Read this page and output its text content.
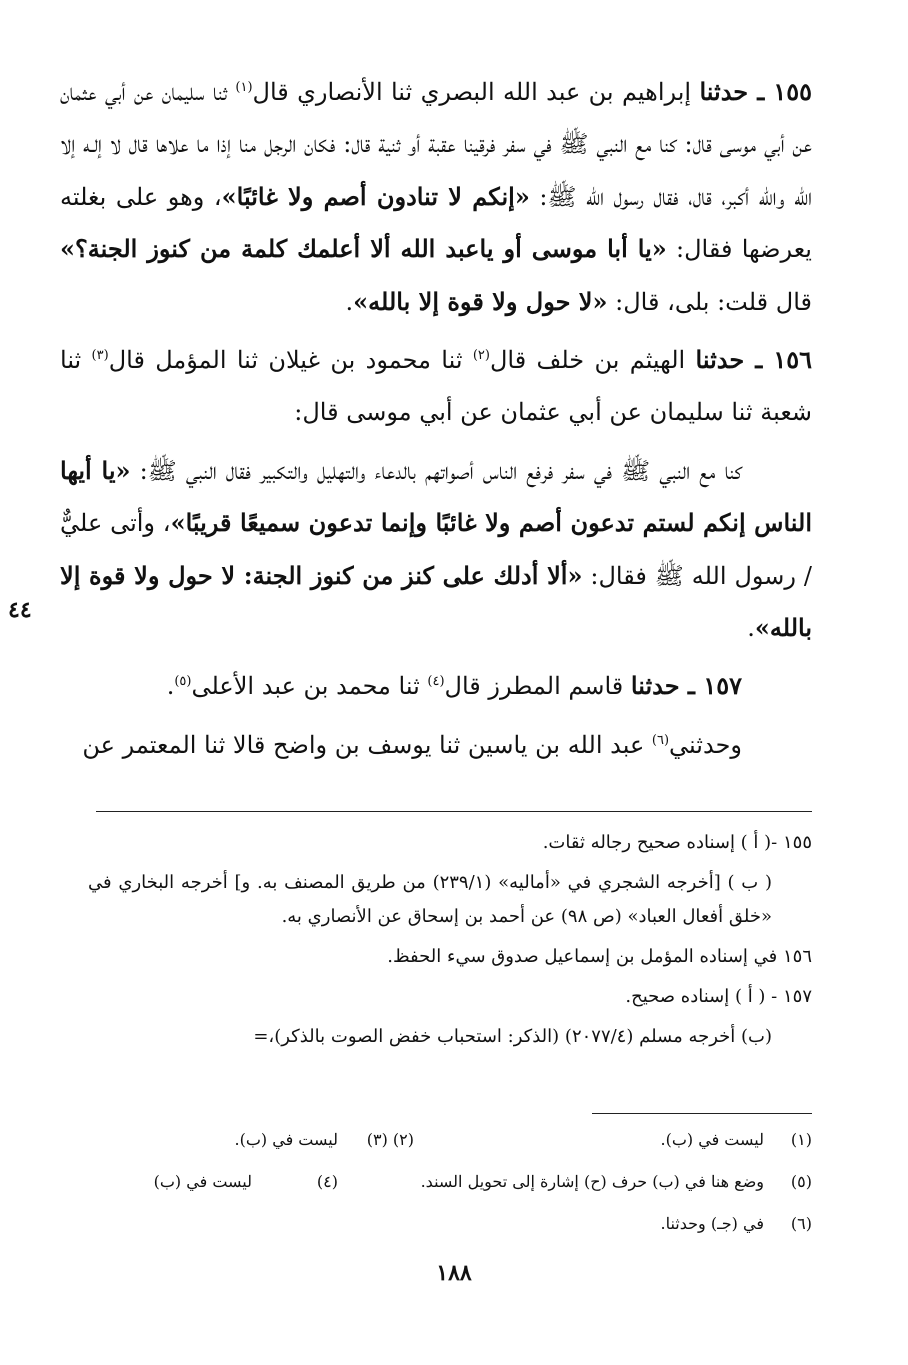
١٥٥ ـ حدثنا إبراهيم بن عبد الله البصري ثنا الأنصاري قال$^{(١)}$ ثنا سليمان عن أبي عثمان عن أبي موسى قال: كنا مع النبي ﷺ في سفر فرقينا عقبة أو ثنية قال: فكان الرجل منا إذا ما علاها قال لا إلـه إلا الله والله أكبر، قال، فقال رسول الله ﷺ: «إنكم لا تنادون أصم ولا غائبًا»، وهو على بغلته يعرضها فقال: «يا أبا موسى أو ياعبد الله ألا أعلمك كلمة من كنوز الجنة؟» قال قلت: بلى، قال: «لا حول ولا قوة إلا بالله».

١٥٦ ـ حدثنا الهيثم بن خلف قال$^{(٢)}$ ثنا محمود بن غيلان ثنا المؤمل قال$^{(٣)}$ ثنا شعبة ثنا سليمان عن أبي عثمان عن أبي موسى قال:

كنا مع النبي ﷺ في سفر فرفع الناس أصواتهم بالدعاء والتهليل والتكبير فقال النبي ﷺ: «يا أيها الناس إنكم لستم تدعون أصم ولا غائبًا وإنما تدعون سميعًا قريبًا»، وأتى عليٌّ / رسول الله ﷺ فقال: «ألا أدلك على كنز من كنوز الجنة: لا حول ولا قوة إلا بالله».

١٥٧ ـ حدثنا قاسم المطرز قال$^{(٤)}$ ثنا محمد بن عبد الأعلى$^{(٥)}$.

وحدثني$^{(٦)}$ عبد الله بن ياسين ثنا يوسف بن واضح قالا ثنا المعتمر عن

٤٤

١٥٥ -( أ ) إسناده صحيح رجاله ثقات.

( ب ) [أخرجه الشجري في «أماليه» (٢٣٩/١) من طريق المصنف به. و] أخرجه البخاري في «خلق أفعال العباد» (ص ٩٨) عن أحمد بن إسحاق عن الأنصاري به.

١٥٦ في إسناده المؤمل بن إسماعيل صدوق سيء الحفظ.

١٥٧ - ( أ ) إسناده صحيح.

(ب) أخرجه مسلم (٢٠٧٧/٤) (الذكر: استحباب خفض الصوت بالذكر)،=

(١)
ليست في (ب).
(٢) (٣)
ليست في (ب).
(٥)
وضع هنا في (ب) حرف (ح) إشارة إلى تحويل السند.
(٤)
ليست في (ب)
(٦)
في (جـ) وحدثنا.
١٨٨
